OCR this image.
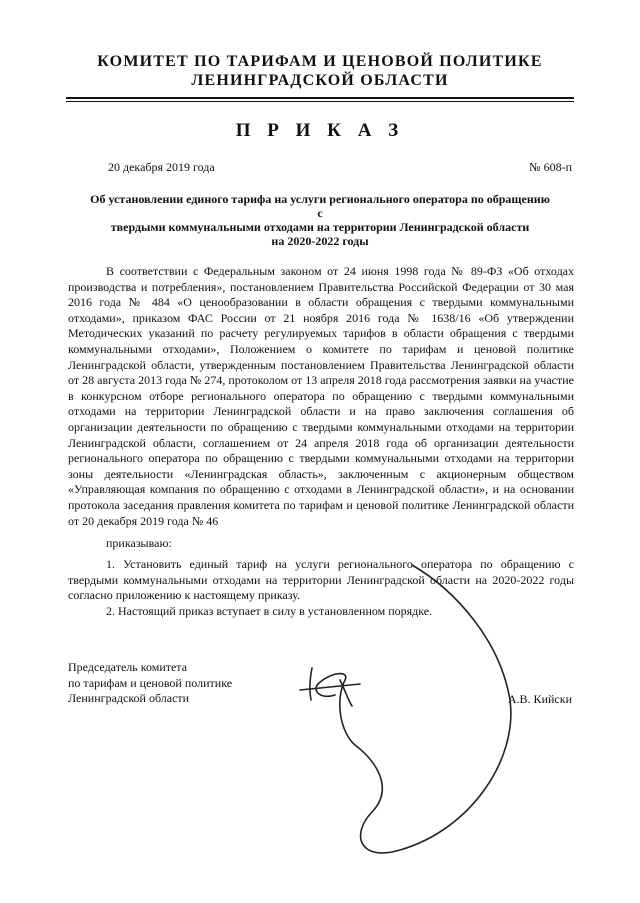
КОМИТЕТ ПО ТАРИФАМ И ЦЕНОВОЙ ПОЛИТИКЕ
ЛЕНИНГРАДСКОЙ ОБЛАСТИ
П Р И К А З
20 декабря 2019 года	№ 608-п
Об установлении единого тарифа на услуги регионального оператора по обращению с
твердыми коммунальными отходами на территории Ленинградской области
на 2020-2022 годы

В соответствии с Федеральным законом от 24 июня 1998 года № 89-ФЗ «Об отходах производства и потребления», постановлением Правительства Российской Федерации от 30 мая 2016 года № 484 «О ценообразовании в области обращения с твердыми коммунальными отходами», приказом ФАС России от 21 ноября 2016 года № 1638/16 «Об утверждении Методических указаний по расчету регулируемых тарифов в области обращения с твердыми коммунальными отходами», Положением о комитете по тарифам и ценовой политике Ленинградской области, утвержденным постановлением Правительства Ленинградской области от 28 августа 2013 года № 274, протоколом от 13 апреля 2018 года рассмотрения заявки на участие в конкурсном отборе регионального оператора по обращению с твердыми коммунальными отходами на территории Ленинградской области и на право заключения соглашения об организации деятельности по обращению с твердыми коммунальными отходами на территории Ленинградской области, соглашением от 24 апреля 2018 года об организации деятельности регионального оператора по обращению с твердыми коммунальными отходами на территории зоны деятельности «Ленинградская область», заключенным с акционерным обществом «Управляющая компания по обращению с отходами в Ленинградской области», и на основании протокола заседания правления комитета по тарифам и ценовой политике Ленинградской области от 20 декабря 2019 года № 46

приказываю:

1. Установить единый тариф на услуги регионального оператора по обращению с твердыми коммунальными отходами на территории Ленинградской области на 2020-2022 годы согласно приложению к настоящему приказу.

2. Настоящий приказ вступает в силу в установленном порядке.

Председатель комитета
по тарифам и ценовой политике
Ленинградской области	А.В. Кийски
